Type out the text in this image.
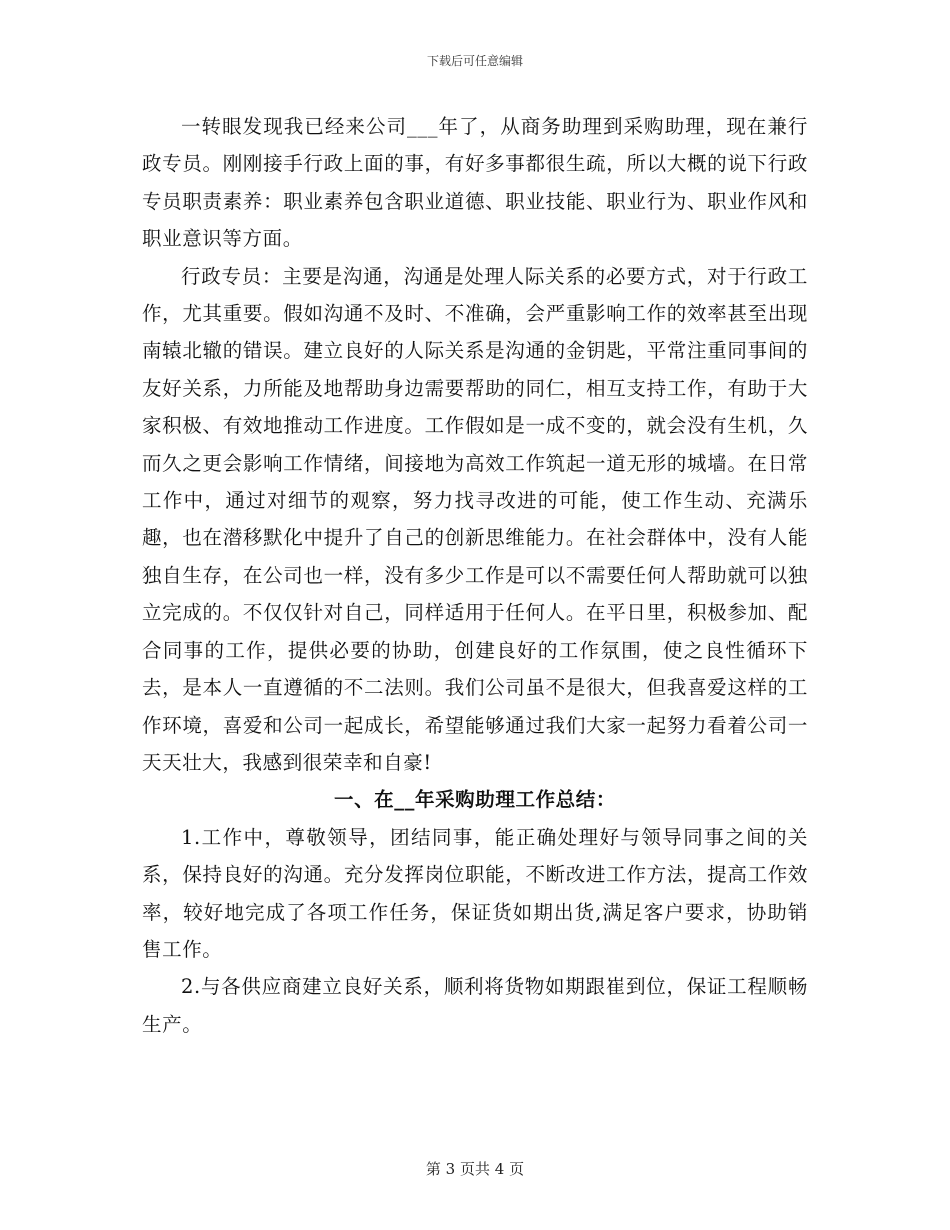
下载后可任意编辑

一转眼发现我已经来公司___年了，从商务助理到采购助理，现在兼行政专员。刚刚接手行政上面的事，有好多事都很生疏，所以大概的说下行政专员职责素养：职业素养包含职业道德、职业技能、职业行为、职业作风和职业意识等方面。

行政专员：主要是沟通，沟通是处理人际关系的必要方式，对于行政工作，尤其重要。假如沟通不及时、不准确，会严重影响工作的效率甚至出现南辕北辙的错误。建立良好的人际关系是沟通的金钥匙，平常注重同事间的友好关系，力所能及地帮助身边需要帮助的同仁，相互支持工作，有助于大家积极、有效地推动工作进度。工作假如是一成不变的，就会没有生机，久而久之更会影响工作情绪，间接地为高效工作筑起一道无形的城墙。在日常工作中，通过对细节的观察，努力找寻改进的可能，使工作生动、充满乐趣，也在潜移默化中提升了自己的创新思维能力。在社会群体中，没有人能独自生存，在公司也一样，没有多少工作是可以不需要任何人帮助就可以独立完成的。不仅仅针对自己，同样适用于任何人。在平日里，积极参加、配合同事的工作，提供必要的协助，创建良好的工作氛围，使之良性循环下去，是本人一直遵循的不二法则。我们公司虽不是很大，但我喜爱这样的工作环境，喜爱和公司一起成长，希望能够通过我们大家一起努力看着公司一天天壮大，我感到很荣幸和自豪!

一、在__年采购助理工作总结：

1.工作中，尊敬领导，团结同事，能正确处理好与领导同事之间的关系，保持良好的沟通。充分发挥岗位职能，不断改进工作方法，提高工作效率，较好地完成了各项工作任务，保证货如期出货,满足客户要求，协助销售工作。

2.与各供应商建立良好关系，顺利将货物如期跟崔到位，保证工程顺畅生产。

第 3 页共 4 页
